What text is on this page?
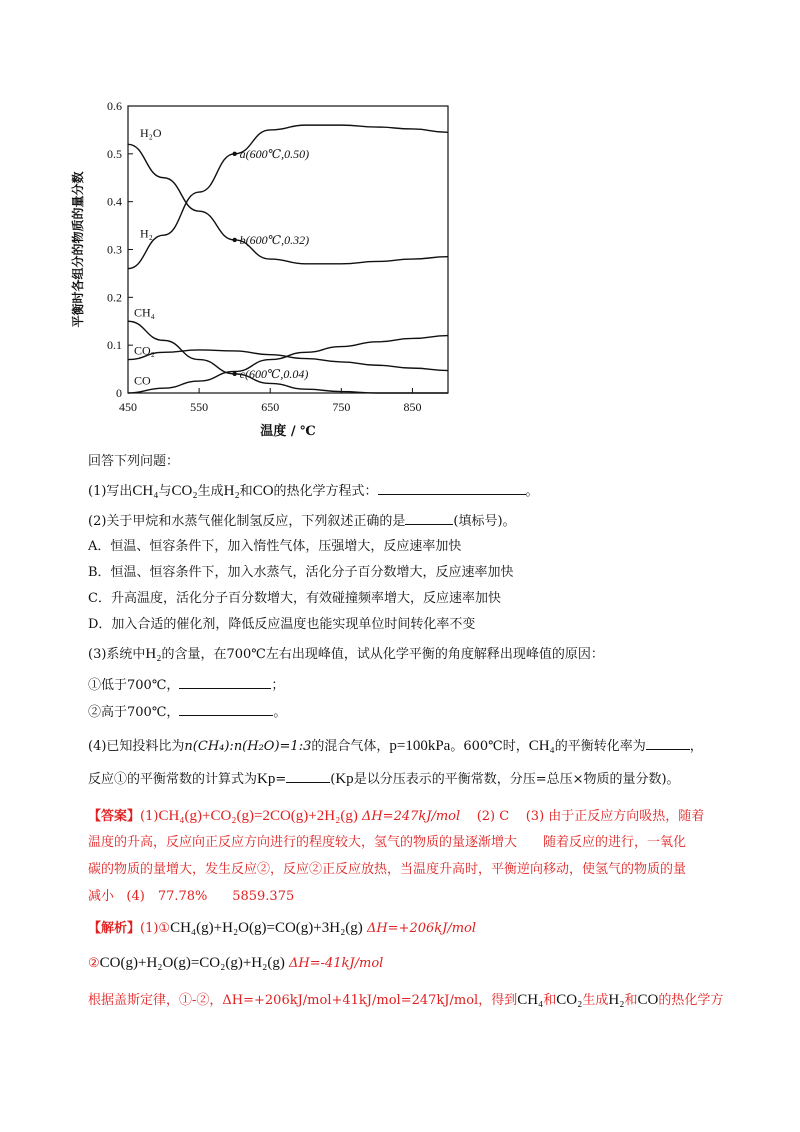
0
0.1
0.2
0.3
0.4
0.5
0.6
450	550	650	750	850
温度 / ℃
平衡时各组分的物质的量分数
H₂O
H₂
CH₄
CO₂
CO
a(600℃,0.50)
b(600℃,0.32)
c(600℃,0.04)
回答下列问题：
(1)写出CH₄与CO₂生成H₂和CO的热化学方程式：	。
(2)关于甲烷和水蒸气催化制氢反应，下列叙述正确的是	(填标号)。
A．恒温、恒容条件下，加入惰性气体，压强增大，反应速率加快
B．恒温、恒容条件下，加入水蒸气，活化分子百分数增大，反应速率加快
C．升高温度，活化分子百分数增大，有效碰撞频率增大，反应速率加快
D．加入合适的催化剂，降低反应温度也能实现单位时间转化率不变
(3)系统中H₂的含量，在700℃左右出现峰值，试从化学平衡的角度解释出现峰值的原因：
①低于700℃，	；
②高于700℃，	。
(4)已知投料比为n(CH₄):n(H₂O)=1:3的混合气体，p=100kPa。600℃时，CH₄的平衡转化率为	，
反应①的平衡常数的计算式为Kp=	(Kp是以分压表示的平衡常数，分压=总压×物质的量分数)。
【答案】(1)CH₄(g)+CO₂(g)=2CO(g)+2H₂(g) ΔH=247kJ/mol (2) C (3) 由于正反应方向吸热，随着
温度的升高，反应向正反应方向进行的程度较大，氢气的物质的量逐渐增大　　随着反应的进行，一氧化
碳的物质的量增大，发生反应②，反应②正反应放热，当温度升高时，平衡逆向移动，使氢气的物质的量
减小 (4)　77.78% 5859.375
【解析】(1)①CH₄(g)+H₂O(g)=CO(g)+3H₂(g) ΔH=+206kJ/mol
②CO(g)+H₂O(g)=CO₂(g)+H₂(g) ΔH=-41kJ/mol
根据盖斯定律，①-②，ΔH=+206kJ/mol+41kJ/mol=247kJ/mol，得到CH₄和CO₂生成H₂和CO的热化学方
